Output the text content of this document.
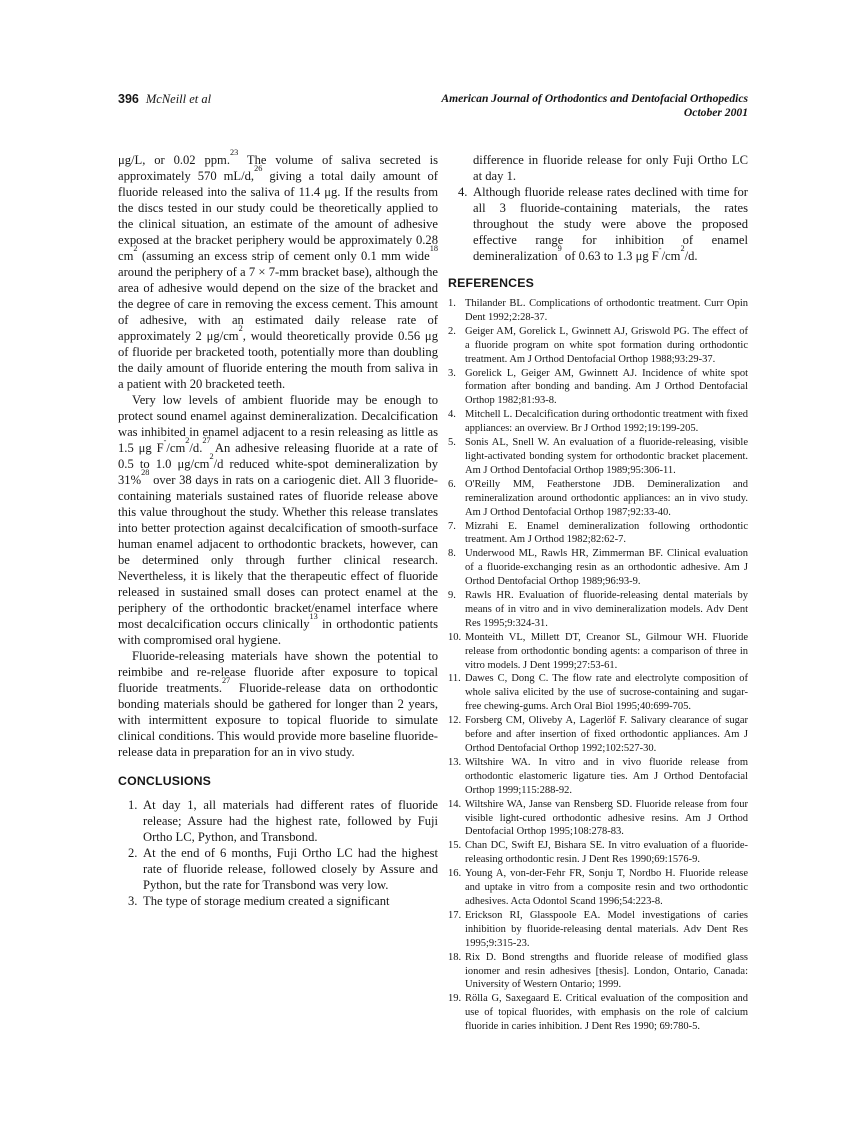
396 McNeill et al	American Journal of Orthodontics and Dentofacial Orthopedics
October 2001

μg/L, or 0.02 ppm.$^{23}$ The volume of saliva secreted is approximately 570 mL/d,$^{26}$ giving a total daily amount of fluoride released into the saliva of 11.4 μg. If the results from the discs tested in our study could be theoretically applied to the clinical situation, an estimate of the amount of adhesive exposed at the bracket periphery would be approximately 0.28 $cm^2$ (assuming an excess strip of cement only 0.1 mm wide$^{18}$ around the periphery of a 7 × 7-mm bracket base), although the area of adhesive would depend on the size of the bracket and the degree of care in removing the excess cement. This amount of adhesive, with an estimated daily release rate of approximately 2 $\mu g/cm^2$, would theoretically provide 0.56 μg of fluoride per bracketed tooth, potentially more than doubling the daily amount of fluoride entering the mouth from saliva in a patient with 20 bracketed teeth.

Very low levels of ambient fluoride may be enough to protect sound enamel against demineralization. Decalcification was inhibited in enamel adjacent to a resin releasing as little as 1.5 μg $F^-/cm^2/d.^{27}$ An adhesive releasing fluoride at a rate of 0.5 to 1.0 $\mu g/cm^2/d$ reduced white-spot demineralization by 31%$^{28}$ over 38 days in rats on a cariogenic diet. All 3 fluoride-containing materials sustained rates of fluoride release above this value throughout the study. Whether this release translates into better protection against decalcification of smooth-surface human enamel adjacent to orthodontic brackets, however, can be determined only through further clinical research. Nevertheless, it is likely that the therapeutic effect of fluoride released in sustained small doses can protect enamel at the periphery of the orthodontic bracket/enamel interface where most decalcification occurs clinically$^{13}$ in orthodontic patients with compromised oral hygiene.

Fluoride-releasing materials have shown the potential to reimbibe and re-release fluoride after exposure to topical fluoride treatments.$^{27}$ Fluoride-release data on orthodontic bonding materials should be gathered for longer than 2 years, with intermittent exposure to topical fluoride to simulate clinical conditions. This would provide more baseline fluoride-release data in preparation for an in vivo study.

CONCLUSIONS
1. At day 1, all materials had different rates of fluoride release; Assure had the highest rate, followed by Fuji Ortho LC, Python, and Transbond.
2. At the end of 6 months, Fuji Ortho LC had the highest rate of fluoride release, followed closely by Assure and Python, but the rate for Transbond was very low.
3. The type of storage medium created a significant

difference in fluoride release for only Fuji Ortho LC at day 1.

4. Although fluoride release rates declined with time for all 3 fluoride-containing materials, the rates throughout the study were above the proposed effective range for inhibition of enamel demineralization$^9$ of 0.63 to 1.3 μg $F^-/cm^2/d$.
REFERENCES
1. Thilander BL. Complications of orthodontic treatment. Curr Opin Dent 1992;2:28-37.
2. Geiger AM, Gorelick L, Gwinnett AJ, Griswold PG. The effect of a fluoride program on white spot formation during orthodontic treatment. Am J Orthod Dentofacial Orthop 1988;93:29-37.
3. Gorelick L, Geiger AM, Gwinnett AJ. Incidence of white spot formation after bonding and banding. Am J Orthod Dentofacial Orthop 1982;81:93-8.
4. Mitchell L. Decalcification during orthodontic treatment with fixed appliances: an overview. Br J Orthod 1992;19:199-205.
5. Sonis AL, Snell W. An evaluation of a fluoride-releasing, visible light-activated bonding system for orthodontic bracket placement. Am J Orthod Dentofacial Orthop 1989;95:306-11.
6. O'Reilly MM, Featherstone JDB. Demineralization and remineralization around orthodontic appliances: an in vivo study. Am J Orthod Dentofacial Orthop 1987;92:33-40.
7. Mizrahi E. Enamel demineralization following orthodontic treatment. Am J Orthod 1982;82:62-7.
8. Underwood ML, Rawls HR, Zimmerman BF. Clinical evaluation of a fluoride-exchanging resin as an orthodontic adhesive. Am J Orthod Dentofacial Orthop 1989;96:93-9.
9. Rawls HR. Evaluation of fluoride-releasing dental materials by means of in vitro and in vivo demineralization models. Adv Dent Res 1995;9:324-31.
10. Monteith VL, Millett DT, Creanor SL, Gilmour WH. Fluoride release from orthodontic bonding agents: a comparison of three in vitro models. J Dent 1999;27:53-61.
11. Dawes C, Dong C. The flow rate and electrolyte composition of whole saliva elicited by the use of sucrose-containing and sugar-free chewing-gums. Arch Oral Biol 1995;40:699-705.
12. Forsberg CM, Oliveby A, Lagerlöf F. Salivary clearance of sugar before and after insertion of fixed orthodontic appliances. Am J Orthod Dentofacial Orthop 1992;102:527-30.
13. Wiltshire WA. In vitro and in vivo fluoride release from orthodontic elastomeric ligature ties. Am J Orthod Dentofacial Orthop 1999;115:288-92.
14. Wiltshire WA, Janse van Rensberg SD. Fluoride release from four visible light-cured orthodontic adhesive resins. Am J Orthod Dentofacial Orthop 1995;108:278-83.
15. Chan DC, Swift EJ, Bishara SE. In vitro evaluation of a fluoride-releasing orthodontic resin. J Dent Res 1990;69:1576-9.
16. Young A, von-der-Fehr FR, Sonju T, Nordbo H. Fluoride release and uptake in vitro from a composite resin and two orthodontic adhesives. Acta Odontol Scand 1996;54:223-8.
17. Erickson RI, Glasspoole EA. Model investigations of caries inhibition by fluoride-releasing dental materials. Adv Dent Res 1995;9:315-23.
18. Rix D. Bond strengths and fluoride release of modified glass ionomer and resin adhesives [thesis]. London, Ontario, Canada: University of Western Ontario; 1999.
19. Rölla G, Saxegaard E. Critical evaluation of the composition and use of topical fluorides, with emphasis on the role of calcium fluoride in caries inhibition. J Dent Res 1990; 69:780-5.
